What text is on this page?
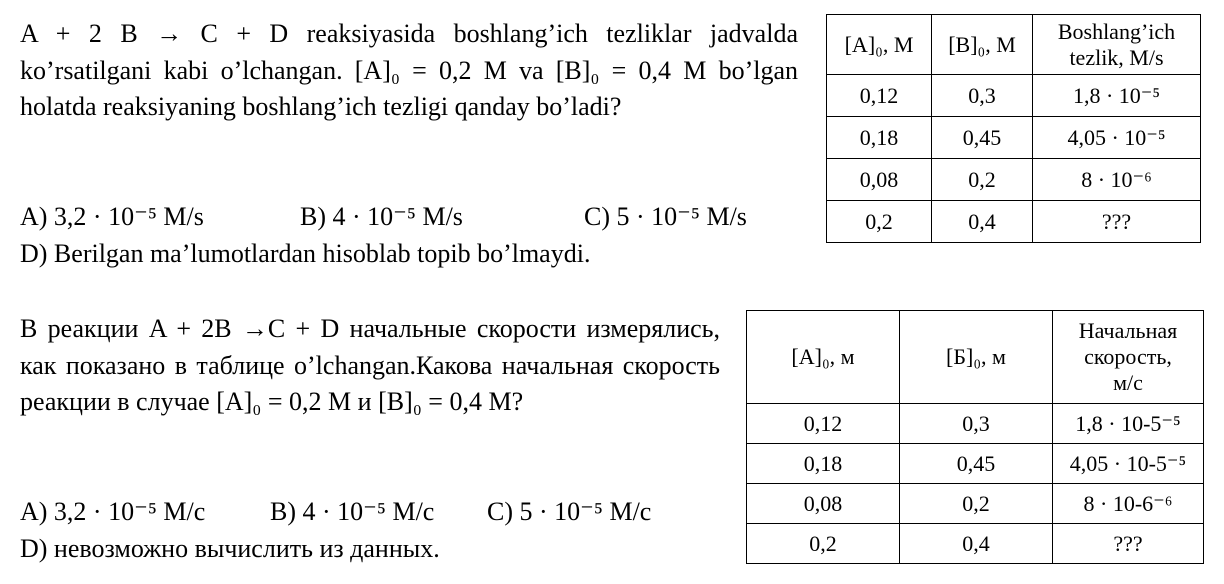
A + 2 B → C + D reaksiyasida boshlang’ich tezliklar jadvalda ko’rsatilgani kabi o’lchangan. [A]₀ = 0,2 M va [B]₀ = 0,4 M bo’lgan holatda reaksiyaning boshlang’ich tezligi qanday bo’ladi?
A) 3,2 · 10⁻⁵ M/s	B) 4 · 10⁻⁵ M/s	C) 5 · 10⁻⁵ M/s
D) Berilgan ma’lumotlardan hisoblab topib bo’lmaydi.
[A]₀, M	[B]₀, M	Boshlang’ich tezlik, M/s
0,12	0,3	1,8 · 10⁻⁵
0,18	0,45	4,05 · 10⁻⁵
0,08	0,2	8 · 10⁻⁶
0,2	0,4	???
В реакции A + 2B →C + D начальные скорости измерялись, как показано в таблице o’lchangan.Какова начальная скорость реакции в случае [A]₀ = 0,2 M и [B]₀ = 0,4 M?
A) 3,2 · 10⁻⁵ M/c B) 4 · 10⁻⁵ M/c C) 5 · 10⁻⁵ M/c
D) невозможно вычислить из данных.
[A]₀, м	[Б]₀, м	Начальная скорость, м/с
0,12	0,3	1,8 · 10-5⁻⁵
0,18	0,45	4,05 · 10-5⁻⁵
0,08	0,2	8 · 10-6⁻⁶
0,2	0,4	???
